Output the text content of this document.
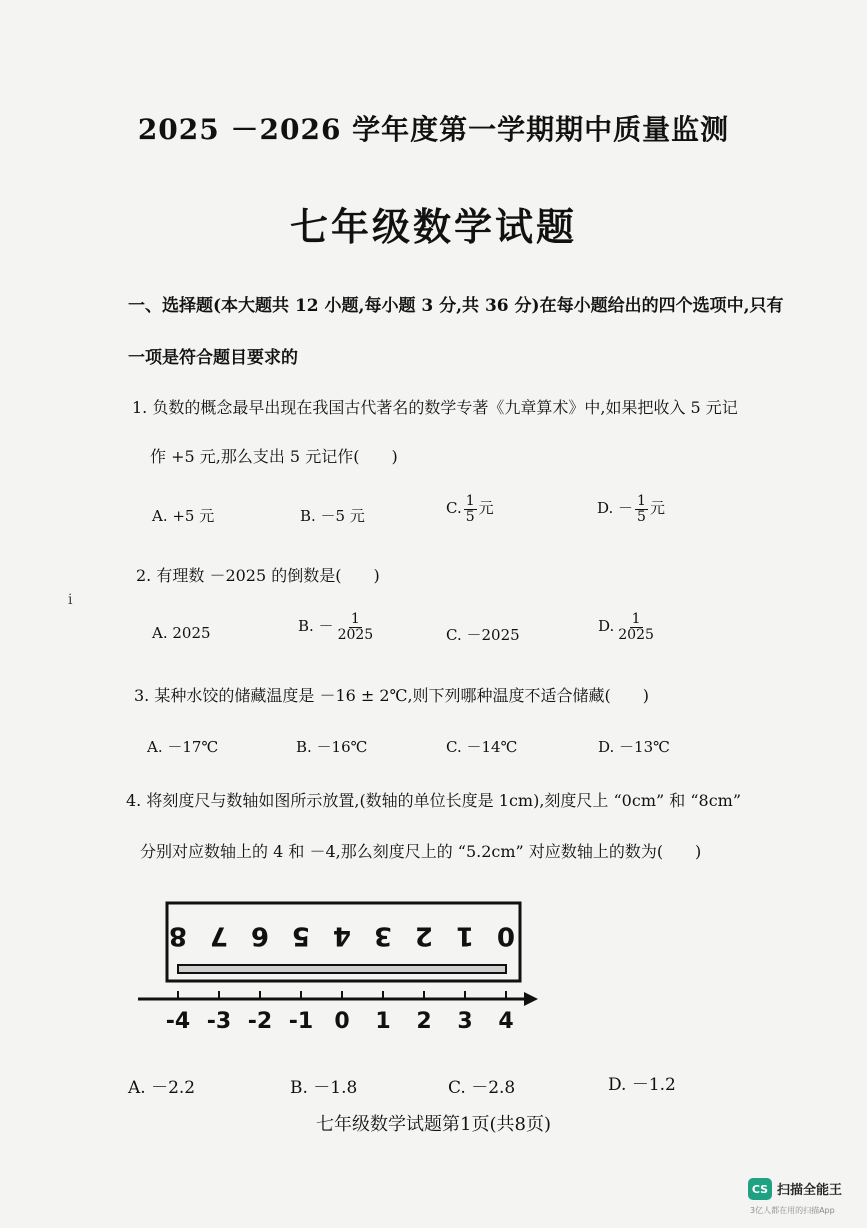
2025 －2026 学年度第一学期期中质量监测
七年级数学试题
一、选择题(本大题共 12 小题,每小题 3 分,共 36 分)在每小题给出的四个选项中,只有
一项是符合题目要求的
1. 负数的概念最早出现在我国古代著名的数学专著《九章算术》中,如果把收入 5 元记
作 +5 元,那么支出 5 元记作(　　)
A. +5 元	B. －5 元	C. $\frac{1}{5}$ 元	D. － $\frac{1}{5}$ 元
2. 有理数 －2025 的倒数是(　　)
ⅰ
A. 2025	B. － $\frac{1}{2025}$	C. －2025	D. $\frac{1}{2025}$
3. 某种水饺的储藏温度是 －16 ± 2℃,则下列哪种温度不适合储藏(　　)
A. －17℃	B. －16℃	C. －14℃	D. －13℃
4. 将刻度尺与数轴如图所示放置,(数轴的单位长度是 1cm),刻度尺上 “0cm” 和 “8cm”
分别对应数轴上的 4 和 －4,那么刻度尺上的 “5.2cm” 对应数轴上的数为(　　)
8 7 6 5 4 3 2 1 0
-4 -3 -2 -1 0 1 2 3 4
A. －2.2	B. －1.8	C. －2.8	D. －1.2
七年级数学试题第1页(共8页)
CS 扫描全能王
3亿人都在用的扫描App
